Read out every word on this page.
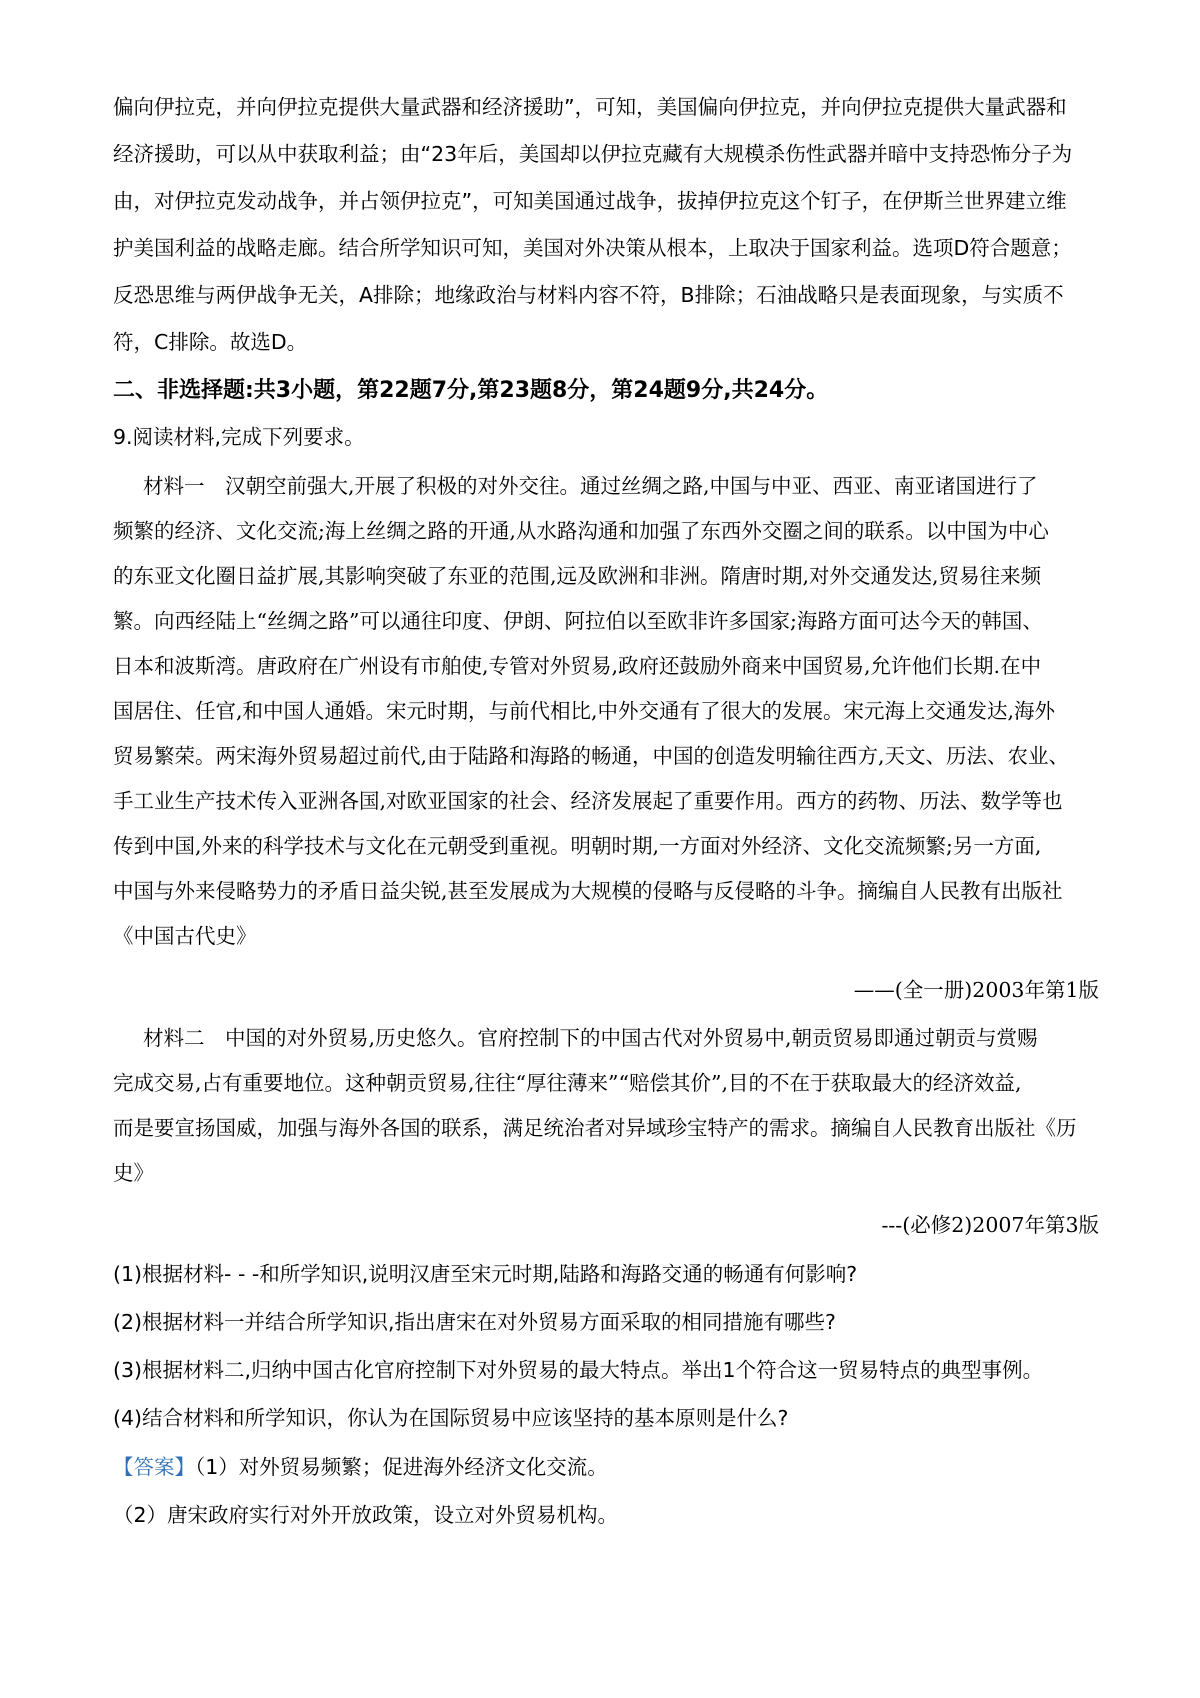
偏向伊拉克，并向伊拉克提供大量武器和经济援助”，可知，美国偏向伊拉克，并向伊拉克提供大量武器和
经济援助，可以从中获取利益；由“23年后，美国却以伊拉克藏有大规模杀伤性武器并暗中支持恐怖分子为
由，对伊拉克发动战争，并占领伊拉克”，可知美国通过战争，拔掉伊拉克这个钉子，在伊斯兰世界建立维
护美国利益的战略走廊。结合所学知识可知，美国对外决策从根本，上取决于国家利益。选项D符合题意；
反恐思维与两伊战争无关，A排除；地缘政治与材料内容不符，B排除；石油战略只是表面现象，与实质不
符，C排除。故选D。
二、非选择题:共3小题，第22题7分,第23题8分，第24题9分,共24分。
9.阅读材料,完成下列要求。
材料一　汉朝空前强大,开展了积极的对外交往。通过丝绸之路,中国与中亚、西亚、南亚诸国进行了
频繁的经济、文化交流;海上丝绸之路的开通,从水路沟通和加强了东西外交圈之间的联系。以中国为中心
的东亚文化圈日益扩展,其影响突破了东亚的范围,远及欧洲和非洲。隋唐时期,对外交通发达,贸易往来频
繁。向西经陆上“丝绸之路”可以通往印度、伊朗、阿拉伯以至欧非许多国家;海路方面可达今天的韩国、
日本和波斯湾。唐政府在广州设有市舶使,专管对外贸易,政府还鼓励外商来中国贸易,允许他们长期.在中
国居住、任官,和中国人通婚。宋元时期，与前代相比,中外交通有了很大的发展。宋元海上交通发达,海外
贸易繁荣。两宋海外贸易超过前代,由于陆路和海路的畅通，中国的创造发明输往西方,天文、历法、农业、
手工业生产技术传入亚洲各国,对欧亚国家的社会、经济发展起了重要作用。西方的药物、历法、数学等也
传到中国,外来的科学技术与文化在元朝受到重视。明朝时期,一方面对外经济、文化交流频繁;另一方面,
中国与外来侵略势力的矛盾日益尖锐,甚至发展成为大规模的侵略与反侵略的斗争。摘编自人民教有出版社
《中国古代史》
——(全一册)2003年第1版
材料二　中国的对外贸易,历史悠久。官府控制下的中国古代对外贸易中,朝贡贸易即通过朝贡与赏赐
完成交易,占有重要地位。这种朝贡贸易,往往“厚往薄来”“赔偿其价”,目的不在于获取最大的经济效益,
而是要宣扬国威，加强与海外各国的联系，满足统治者对异域珍宝特产的需求。摘编自人民教育出版社《历
史》
---(必修2)2007年第3版
(1)根据材料- - -和所学知识,说明汉唐至宋元时期,陆路和海路交通的畅通有何影响?
(2)根据材料一并结合所学知识,指出唐宋在对外贸易方面采取的相同措施有哪些?
(3)根据材料二,归纳中国古化官府控制下对外贸易的最大特点。举出1个符合这一贸易特点的典型事例。
(4)结合材料和所学知识，你认为在国际贸易中应该坚持的基本原则是什么?
【答案】（1）对外贸易频繁；促进海外经济文化交流。
（2）唐宋政府实行对外开放政策，设立对外贸易机构。
